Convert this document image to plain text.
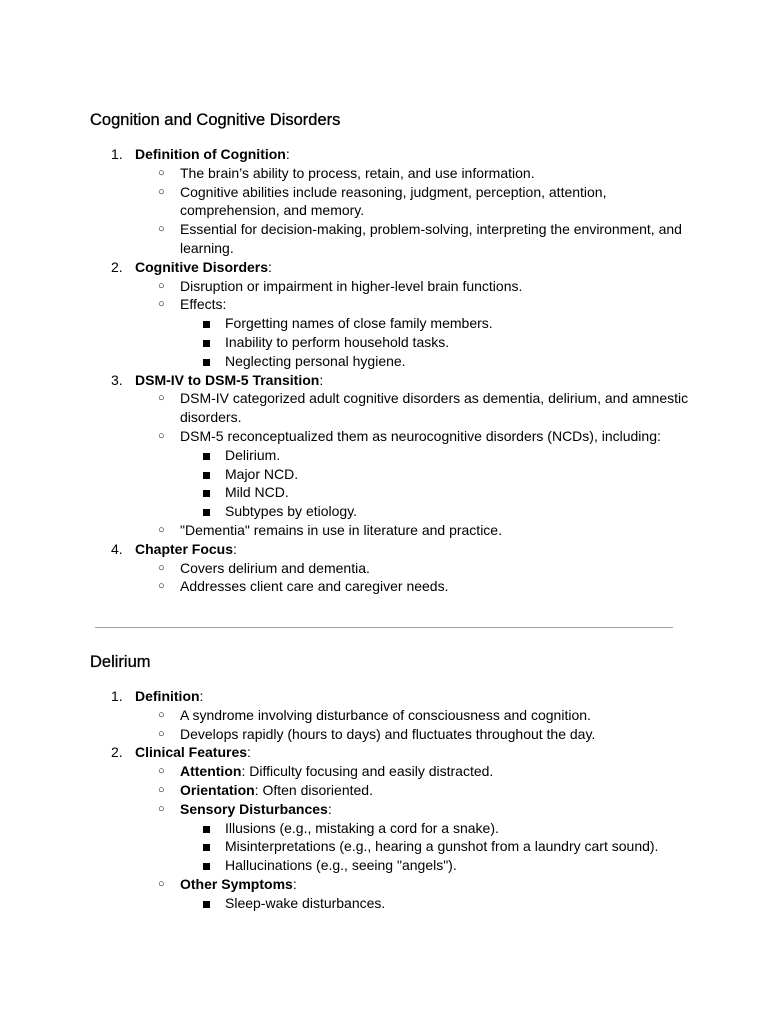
Cognition and Cognitive Disorders
1. Definition of Cognition:
○ The brain’s ability to process, retain, and use information.
○ Cognitive abilities include reasoning, judgment, perception, attention, comprehension, and memory.
○ Essential for decision-making, problem-solving, interpreting the environment, and learning.
2. Cognitive Disorders:
○ Disruption or impairment in higher-level brain functions.
○ Effects:
Forgetting names of close family members.
Inability to perform household tasks.
Neglecting personal hygiene.
3. DSM-IV to DSM-5 Transition:
○ DSM-IV categorized adult cognitive disorders as dementia, delirium, and amnestic disorders.
○ DSM-5 reconceptualized them as neurocognitive disorders (NCDs), including:
Delirium.
Major NCD.
Mild NCD.
Subtypes by etiology.
○ "Dementia" remains in use in literature and practice.
4. Chapter Focus:
○ Covers delirium and dementia.
○ Addresses client care and caregiver needs.
Delirium
1. Definition:
○ A syndrome involving disturbance of consciousness and cognition.
○ Develops rapidly (hours to days) and fluctuates throughout the day.
2. Clinical Features:
○ Attention: Difficulty focusing and easily distracted.
○ Orientation: Often disoriented.
○ Sensory Disturbances:
Illusions (e.g., mistaking a cord for a snake).
Misinterpretations (e.g., hearing a gunshot from a laundry cart sound).
Hallucinations (e.g., seeing "angels").
○ Other Symptoms:
Sleep-wake disturbances.
